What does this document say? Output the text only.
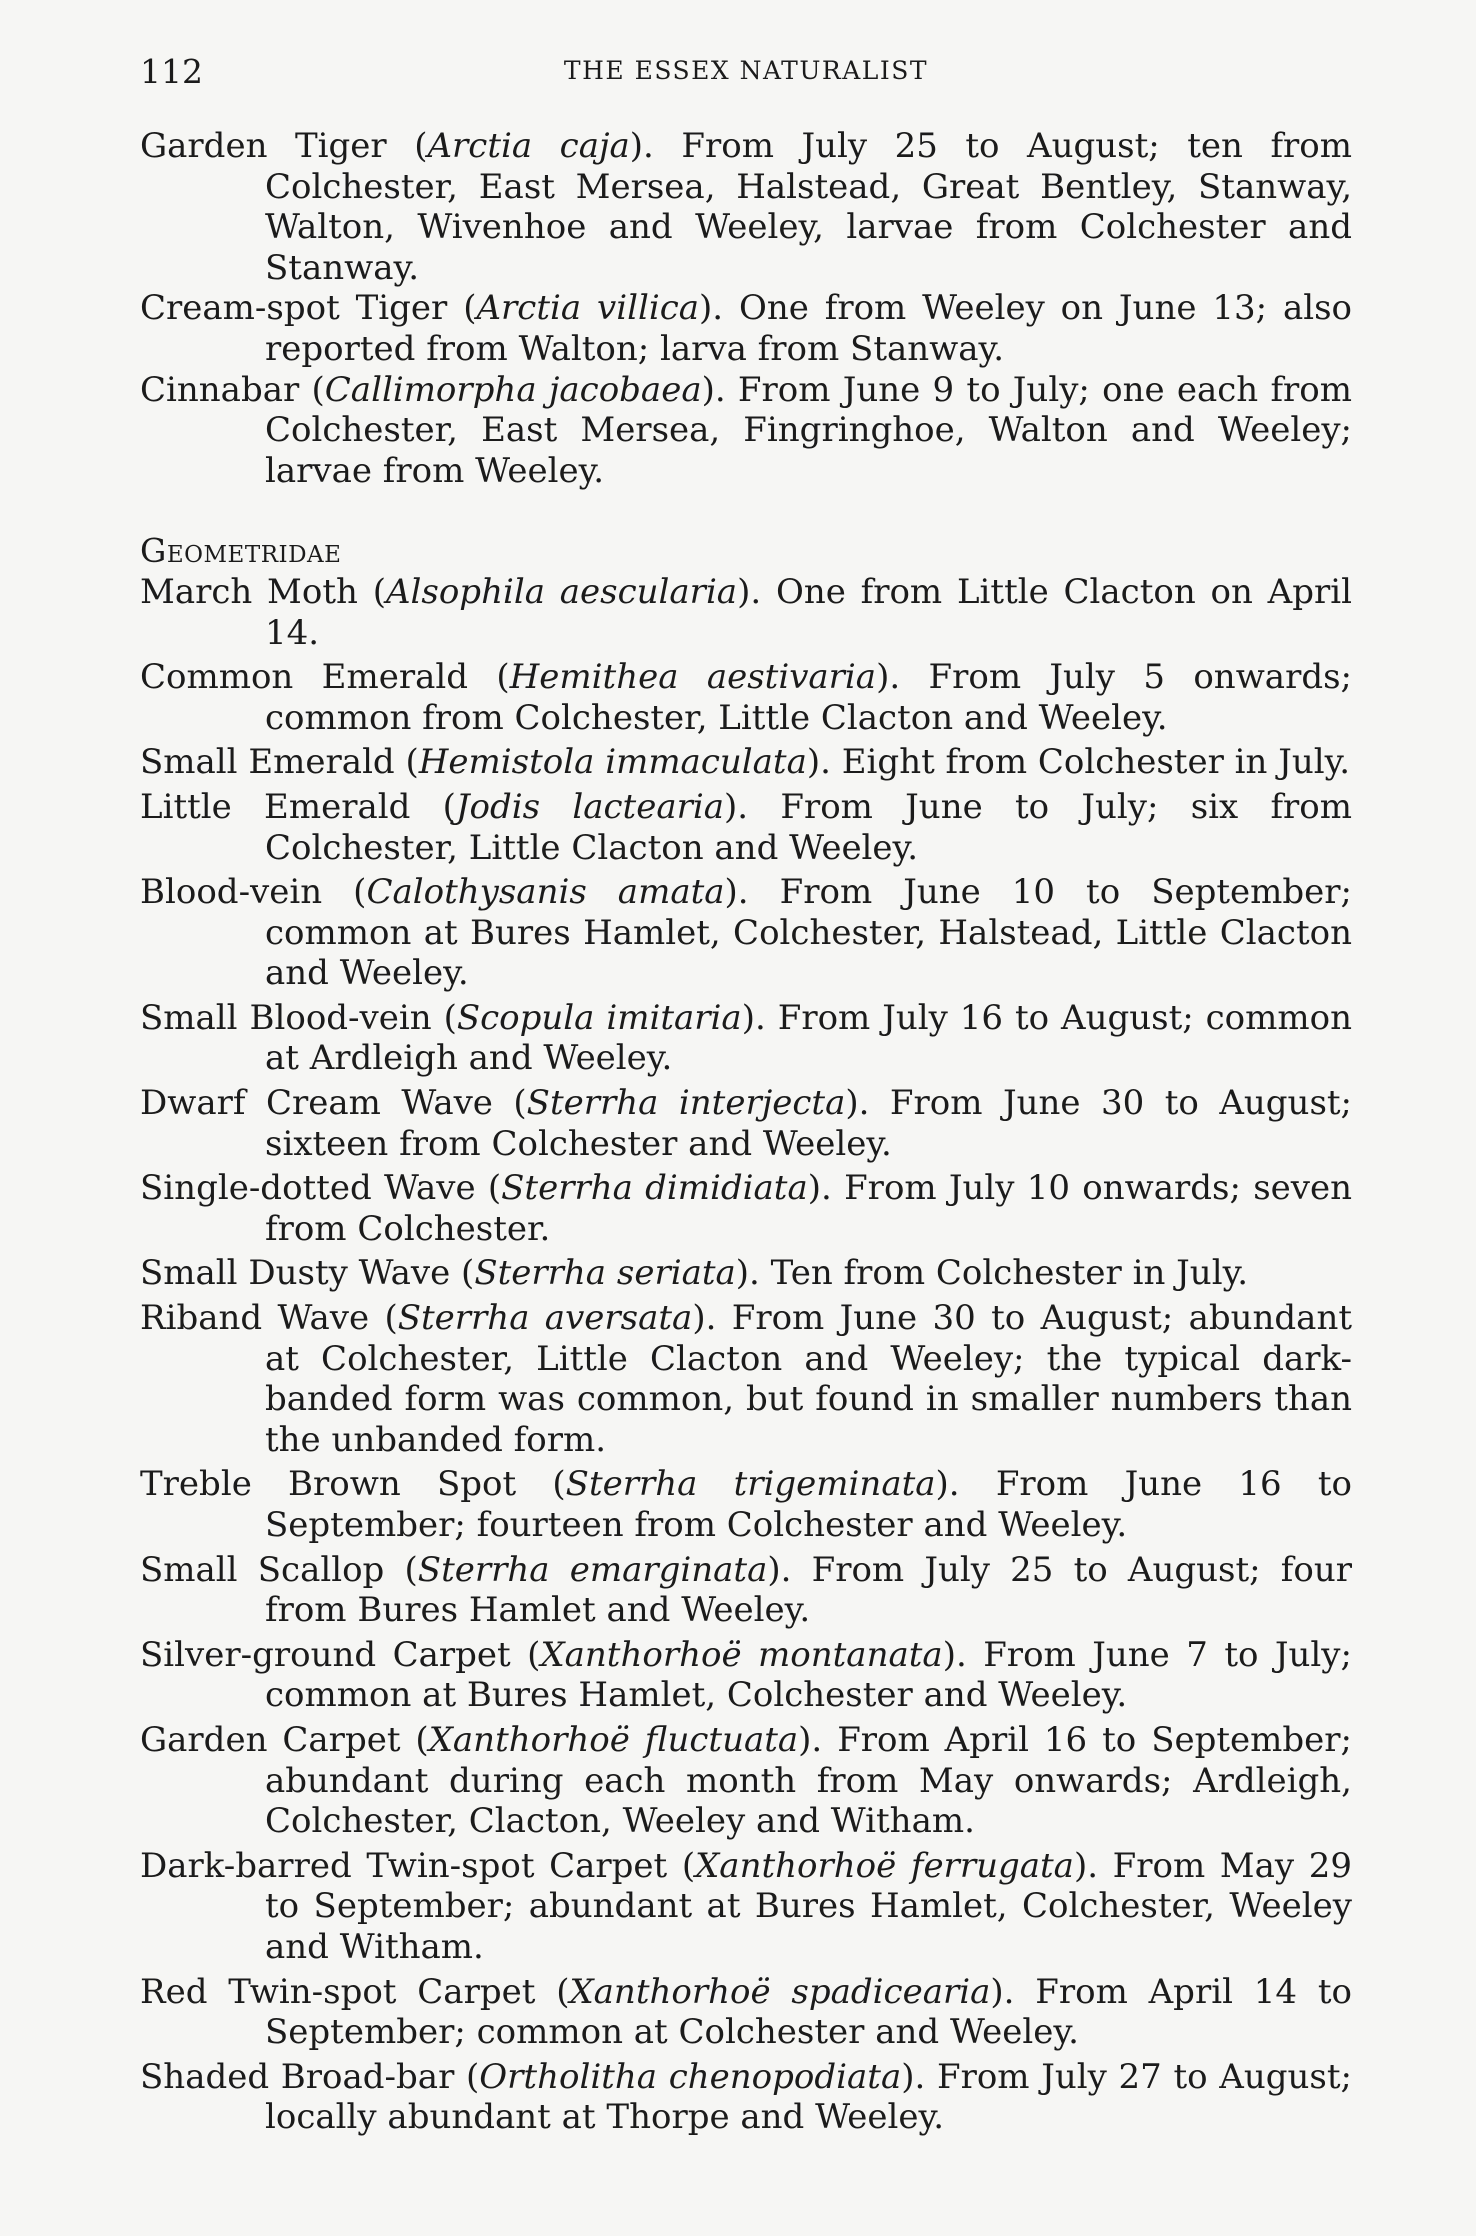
112	THE ESSEX NATURALIST

Garden Tiger (Arctia caja). From July 25 to August; ten from Colchester, East Mersea, Halstead, Great Bentley, Stanway, Walton, Wivenhoe and Weeley, larvae from Colchester and Stanway.

Cream-spot Tiger (Arctia villica). One from Weeley on June 13; also reported from Walton; larva from Stanway.

Cinnabar (Callimorpha jacobaea). From June 9 to July; one each from Colchester, East Mersea, Fingringhoe, Walton and Weeley; larvae from Weeley.

Geometridae

March Moth (Alsophila aescularia). One from Little Clacton on April 14.

Common Emerald (Hemithea aestivaria). From July 5 onwards; common from Colchester, Little Clacton and Weeley.

Small Emerald (Hemistola immaculata). Eight from Colchester in July.

Little Emerald (Jodis lactearia). From June to July; six from Colchester, Little Clacton and Weeley.

Blood-vein (Calothysanis amata). From June 10 to September; common at Bures Hamlet, Colchester, Halstead, Little Clacton and Weeley.

Small Blood-vein (Scopula imitaria). From July 16 to August; common at Ardleigh and Weeley.

Dwarf Cream Wave (Sterrha interjecta). From June 30 to August; sixteen from Colchester and Weeley.

Single-dotted Wave (Sterrha dimidiata). From July 10 onwards; seven from Colchester.

Small Dusty Wave (Sterrha seriata). Ten from Colchester in July.

Riband Wave (Sterrha aversata). From June 30 to August; abundant at Colchester, Little Clacton and Weeley; the typical dark-banded form was common, but found in smaller numbers than the unbanded form.

Treble Brown Spot (Sterrha trigeminata). From June 16 to September; fourteen from Colchester and Weeley.

Small Scallop (Sterrha emarginata). From July 25 to August; four from Bures Hamlet and Weeley.

Silver-ground Carpet (Xanthorhoë montanata). From June 7 to July; common at Bures Hamlet, Colchester and Weeley.

Garden Carpet (Xanthorhoë fluctuata). From April 16 to September; abundant during each month from May onwards; Ardleigh, Colchester, Clacton, Weeley and Witham.

Dark-barred Twin-spot Carpet (Xanthorhoë ferrugata). From May 29 to September; abundant at Bures Hamlet, Colchester, Weeley and Witham.

Red Twin-spot Carpet (Xanthorhoë spadicearia). From April 14 to September; common at Colchester and Weeley.

Shaded Broad-bar (Ortholitha chenopodiata). From July 27 to August; locally abundant at Thorpe and Weeley.
